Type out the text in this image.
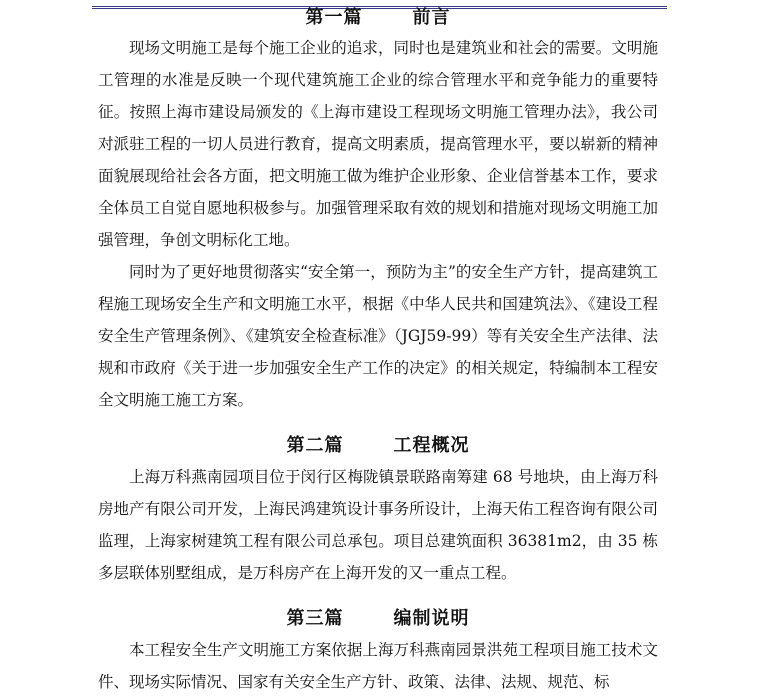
第一篇	前言

现场文明施工是每个施工企业的追求，同时也是建筑业和社会的需要。文明施工管理的水准是反映一个现代建筑施工企业的综合管理水平和竞争能力的重要特征。按照上海市建设局颁发的《上海市建设工程现场文明施工管理办法》，我公司对派驻工程的一切人员进行教育，提高文明素质，提高管理水平，要以崭新的精神面貌展现给社会各方面，把文明施工做为维护企业形象、企业信誉基本工作，要求全体员工自觉自愿地积极参与。加强管理采取有效的规划和措施对现场文明施工加强管理，争创文明标化工地。

同时为了更好地贯彻落实“安全第一，预防为主”的安全生产方针，提高建筑工程施工现场安全生产和文明施工水平，根据《中华人民共和国建筑法》、《建设工程安全生产管理条例》、《建筑安全检查标准》（JGJ59-99）等有关安全生产法律、法规和市政府《关于进一步加强安全生产工作的决定》的相关规定，特编制本工程安全文明施工施工方案。

第二篇	工程概况

上海万科燕南园项目位于闵行区梅陇镇景联路南筹建 68 号地块，由上海万科房地产有限公司开发，上海民鸿建筑设计事务所设计，上海天佑工程咨询有限公司监理，上海家树建筑工程有限公司总承包。项目总建筑面积 36381m2，由 35 栋多层联体别墅组成，是万科房产在上海开发的又一重点工程。

第三篇	编制说明

本工程安全生产文明施工方案依据上海万科燕南园景洪苑工程项目施工技术文件、现场实际情况、国家有关安全生产方针、政策、法律、法规、规范、标
